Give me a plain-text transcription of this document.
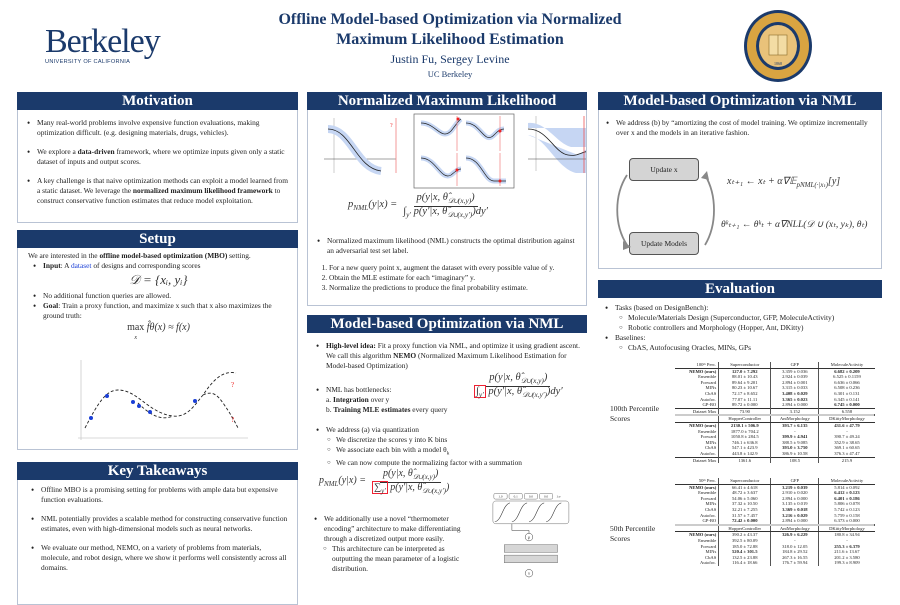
Berkeley
UNIVERSITY OF CALIFORNIA
Offline Model-based Optimization via Normalized
Maximum Likelihood Estimation
Justin Fu, Sergey Levine
UC Berkeley
1868
Motivation
• Many real-world problems involve expensive function evaluations, making optimization difficult. (e.g. designing materials, drugs, vehicles).
• We explore a data-driven framework, where we optimize inputs given only a static dataset of inputs and output scores.
• A key challenge is that naive optimization methods can exploit a model learned from a static dataset. We leverage the normalized maximum likelihood framework to construct conservative function estimates that reduce model exploitation.
Setup
We are interested in the offline model-based optimization (MBO) setting.
• Input: A dataset of designs and corresponding scores
𝒟 = {xᵢ, yᵢ}
• No additional function queries are allowed.
• Goal: Train a proxy function, and maximize x such that x also maximizes the ground truth:
max
x f̂θ(x) ≈ f(x)
?
?
Key Takeaways
• Offline MBO is a promising setting for problems with ample data but expensive function evaluations.
• NML potentially provides a scalable method for constructing conservative function estimates, even with high-dimensional models such as neural networks.
• We evaluate our method, NEMO, on a variety of problems from materials, molecule, and robot design, where we show it performs well consistently across all domains.
Normalized Maximum Likelihood
?
$p_{NML}(y|x) = \frac{p(y|x, \thetâ_{𝒟\cup(x,y)})}{\int_{y'} p(y'|x, \thetâ_{𝒟\cup(x,y')})dy'}$
• Normalized maximum likelihood (NML) constructs the optimal distribution against an adversarial test set label.
1. For a new query point x, augment the dataset with every possible value of y.
2. Obtain the MLE estimate for each “imaginary” y.
3. Normalize the predictions to produce the final probability estimate.
Model-based Optimization via NML
• High-level idea: Fit a proxy function via NML, and optimize it using gradient ascent. We call this algorithm NEMO (Normalized Maximum Likelihood Estimation for Model-based Optimization)
• NML has bottlenecks:
a. Integration over y
b. Training MLE estimates every query
$\frac{p(y|x, \thetâ_{𝒟\cup(x,y)})}{\int_{y'} p(y'|x, \thetâ_{𝒟\cup(x,y')})dy'}$
• We address (a) via quantization
○ We discretize the scores y into K bins
○ We associate each bin with a model $\theta_k$
○ We can now compute the normalizing factor with a summation
$p_{NML}(y|x) = \frac{p(y|x, \thetâ_{𝒟\cup(x,y)})}{\sum_{y'} p(y'|x, \thetâ_{𝒟\cup(x,y')})}$
• We additionally use a novel “thermometer encoding” architecture to make differentiating through a discretized output more easily.
○ This architecture can be interpreted as outputting the mean parameter of a logistic distribution.
1.0	0.1	0.0	0.0 1:e
μ
x
Model-based Optimization via NML
• We address (b) by “amortizing the cost of model training. We optimize incrementally over x and the models in an iterative fashion.
Update x
Update Models
xₜ₊₁ ← xₜ + α∇𝔼$_{pNML(\cdot|x_t)}$[y]
θᵏₜ₊₁ ← θᵏₜ + α∇NLL(𝒟 ∪ (xₜ, yₖ), θₜ)
Evaluation
• Tasks (based on DesignBench):
○ Molecule/Materials Design (Superconductor, GFP, MoleculeActivity)
○ Robotic controllers and Morphology (Hopper, Ant, DKitty)
• Baselines:
○ CbAS, Autofocusing Oracles, MINs, GPs
100th Percentile Scores
100ᵗʰ Perc.	Superconductor	GFP	MoleculeActivity
NEMO (ours)	127.0 ± 7.292	3.359 ± 0.036	6.682 ± 0.209
Ensemble	88.01 ± 10.43	2.924 ± 0.039	6.525 ± 0.1159
Forward	89.64 ± 9.201	2.894 ± 0.001	6.636 ± 0.066
MINs	80.23 ± 10.67	3.315 ± 0.033	6.508 ± 0.236
CbAS	72.17 ± 8.652	3.408 ± 0.029	6.301 ± 0.131
Autofoc.	77.07 ± 11.11	3.365 ± 0.023	6.345 ± 0.141
GP-BO	89.72 ± 0.000	2.894 ± 0.000	6.745 ± 0.000
Dataset Max	73.90	3.152	6.558

	HopperController	AntMorphology	DKittyMorphology
NEMO (ours)	2130.1 ± 506.9	393.7 ± 6.135	431.6 ± 47.79
Ensemble	1877.0 ± 704.2	-	-
Forward	1050.8 ± 284.5	399.9 ± 4.941	390.7 ± 49.24
MINs	746.1 ± 636.8	388.5 ± 9.085	352.9 ± 38.65
CbAS	547.1 ± 423.9	393.0 ± 3.750	369.1 ± 60.65
Autofoc.	443.8 ± 142.9	386.9 ± 10.58	376.3 ± 47.47
Dataset Max	1361.6	108.5	215.9
50th Percentile Scores
50ᵗʰ Perc.	Superconductor	GFP	MoleculeActivity
NEMO (ours)	66.41 ± 4.618	3.219 ± 0.039	5.814 ± 0.092
Ensemble	48.72 ± 3.637	2.910 ± 0.020	6.412 ± 0.123
Forward	54.06 ± 5.060	2.894 ± 0.000	6.401 ± 0.186
MINs	37.32 ± 10.50	3.135 ± 0.019	5.806 ± 0.078
CbAS	32.21 ± 7.255	3.369 ± 0.018	5.742 ± 0.123
Autofoc.	31.57 ± 7.457	3.216 ± 0.029	5.759 ± 0.158
GP-BO	72.42 ± 0.000	2.894 ± 0.000	6.373 ± 0.000

	HopperController	AntMorphology	DKittyMorphology
NEMO (ours)	390.2 ± 43.37	326.9 ± 6.229	180.8 ± 34.94
Ensemble	392.5 ± 80.09	-	-
Forward	185.0 ± 72.88	318.0 ± 12.05	255.3 ± 6.379
MINs	520.4 ± 301.5	184.8 ± 29.52	211.6 ± 13.67
CbAS	132.5 ± 23.88	267.3 ± 16.55	201.2 ± 3.580
Autofoc.	116.4 ± 18.66	176.7 ± 59.94	199.3 ± 8.909
